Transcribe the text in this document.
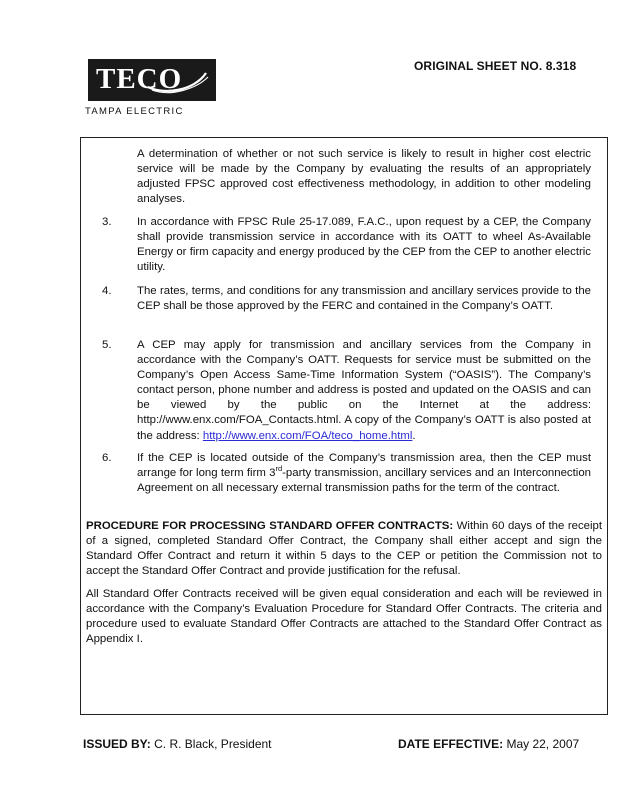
ORIGINAL SHEET NO. 8.318
TECO
TAMPA ELECTRIC
A determination of whether or not such service is likely to result in higher cost electric service will be made by the Company by evaluating the results of an appropriately adjusted FPSC approved cost effectiveness methodology, in addition to other modeling analyses.
3. In accordance with FPSC Rule 25-17.089, F.A.C., upon request by a CEP, the Company shall provide transmission service in accordance with its OATT to wheel As-Available Energy or firm capacity and energy produced by the CEP from the CEP to another electric utility.
4. The rates, terms, and conditions for any transmission and ancillary services provide to the CEP shall be those approved by the FERC and contained in the Company’s OATT.
5. A CEP may apply for transmission and ancillary services from the Company in accordance with the Company’s OATT. Requests for service must be submitted on the Company’s Open Access Same-Time Information System (“OASIS”). The Company’s contact person, phone number and address is posted and updated on the OASIS and can be viewed by the public on the Internet at the address: http://www.enx.com/FOA_Contacts.html. A copy of the Company’s OATT is also posted at the address: http://www.enx.com/FOA/teco_home.html.
6. If the CEP is located outside of the Company’s transmission area, then the CEP must arrange for long term firm 3rd-party transmission, ancillary services and an Interconnection Agreement on all necessary external transmission paths for the term of the contract.
PROCEDURE FOR PROCESSING STANDARD OFFER CONTRACTS: Within 60 days of the receipt of a signed, completed Standard Offer Contract, the Company shall either accept and sign the Standard Offer Contract and return it within 5 days to the CEP or petition the Commission not to accept the Standard Offer Contract and provide justification for the refusal.
All Standard Offer Contracts received will be given equal consideration and each will be reviewed in accordance with the Company’s Evaluation Procedure for Standard Offer Contracts. The criteria and procedure used to evaluate Standard Offer Contracts are attached to the Standard Offer Contract as Appendix I.
ISSUED BY: C. R. Black, President	DATE EFFECTIVE: May 22, 2007
